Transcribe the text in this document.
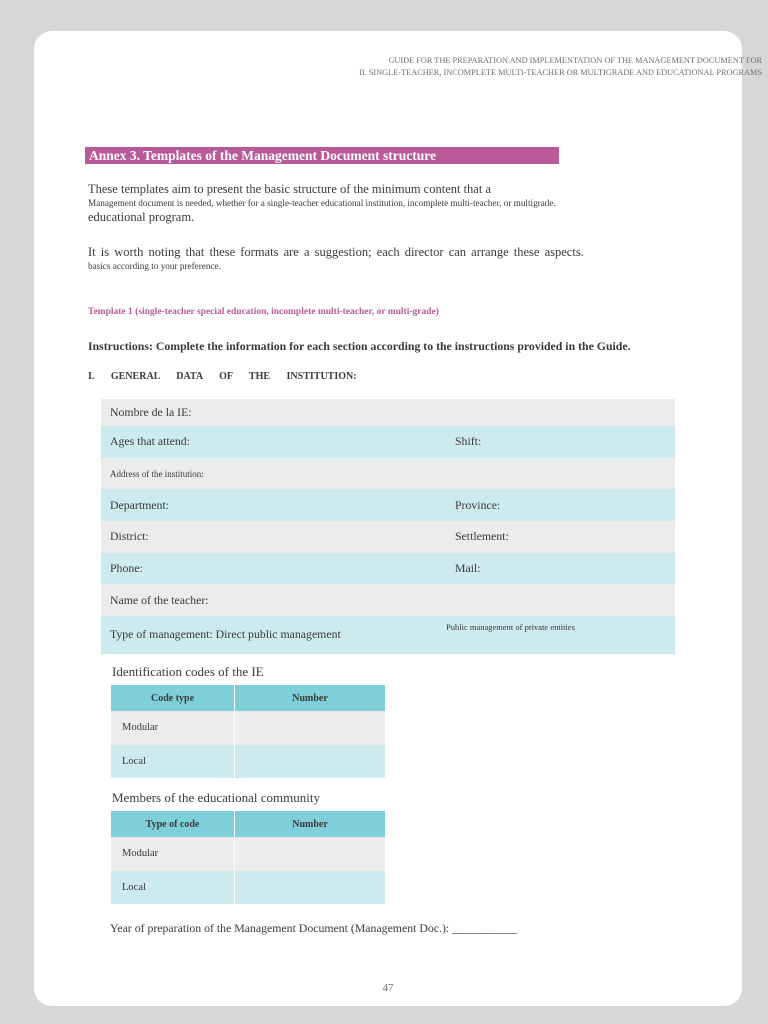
GUIDE FOR THE PREPARATION AND IMPLEMENTATION OF THE MANAGEMENT DOCUMENT FOR
II. SINGLE-TEACHER, INCOMPLETE MULTI-TEACHER OR MULTIGRADE AND EDUCATIONAL PROGRAMS
Annex 3. Templates of the Management Document structure

These templates aim to present the basic structure of the minimum content that a

Management document is needed, whether for a single-teacher educational institution, incomplete multi-teacher, or multigrade.

educational program.

It is worth noting that these formats are a suggestion; each director can arrange these aspects.

basics according to your preference.

Template 1 (single-teacher special education, incomplete multi-teacher, or multi-grade)
Instructions: Complete the information for each section according to the instructions provided in the Guide.
I. GENERAL DATA OF THE INSTITUTION:
Nombre de la IE:	
Ages that attend:	Shift:
Address of the institution:	
Department:	Province:
District:	Settlement:
Phone:	Mail:
Name of the teacher:	
Type of management: Direct public management	Public management of private entities
Identification codes of the IE
Code type	Number
Modular	
Local	
Members of the educational community
Type of code	Number
Modular	
Local	
Year of preparation of the Management Document (Management Doc.): ___________
47
